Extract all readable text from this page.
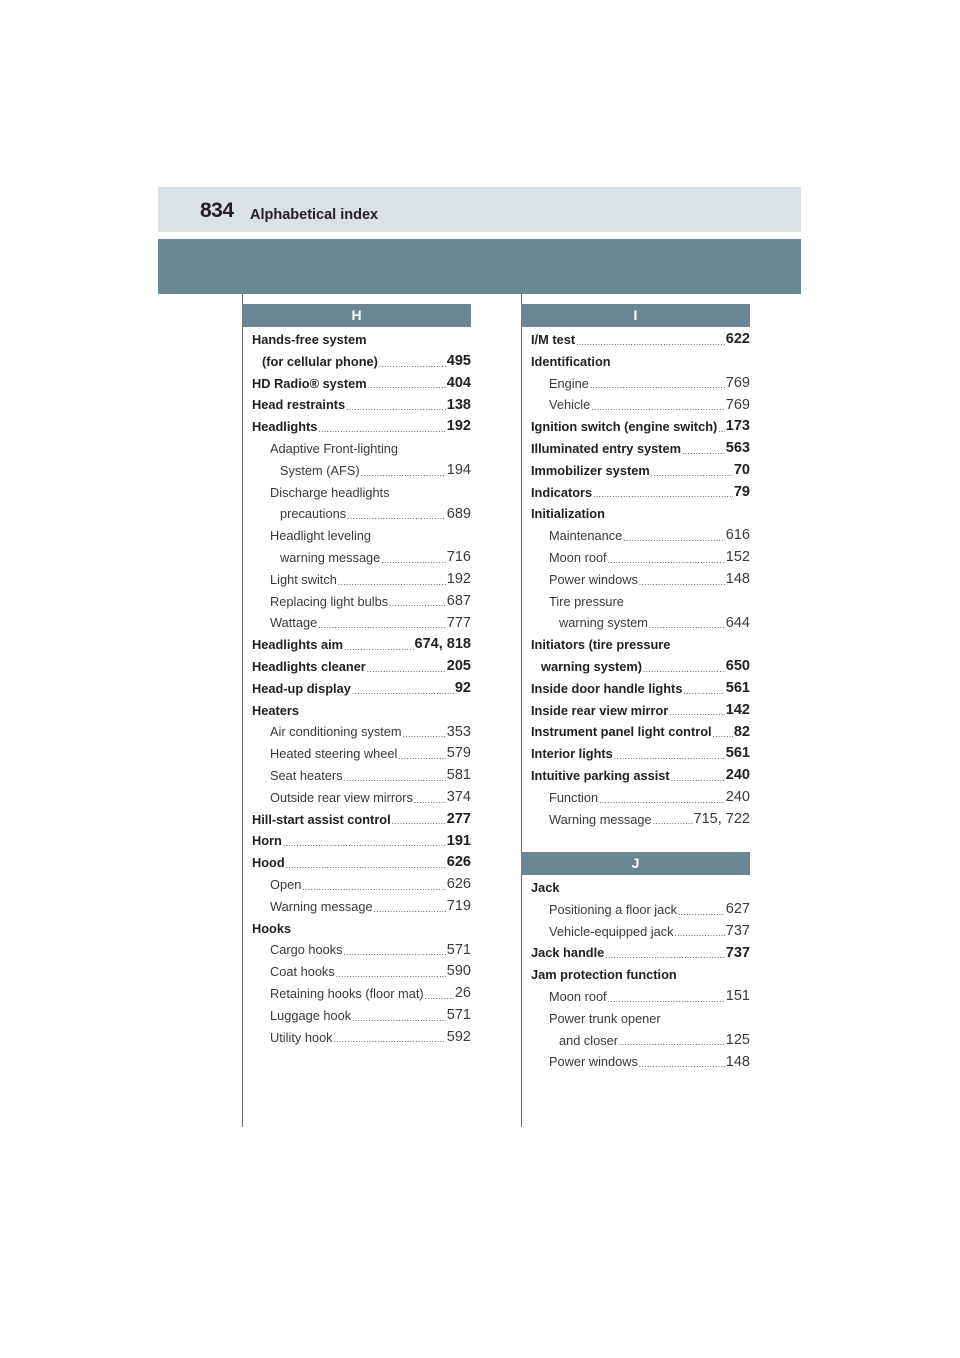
834 Alphabetical index
H
Hands-free system
(for cellular phone) .....	495
HD Radio® system .....	404
Head restraints .....	138
Headlights .....	192
Adaptive Front-lighting
System (AFS) .....	194
Discharge headlights
precautions .....	689
Headlight leveling
warning message .....	716
Light switch .....	192
Replacing light bulbs .....	687
Wattage .....	777
Headlights aim .....	674, 818
Headlights cleaner .....	205
Head-up display .....	92
Heaters
Air conditioning system .....	353
Heated steering wheel .....	579
Seat heaters .....	581
Outside rear view mirrors ..... 374
Hill-start assist control .....	277
Horn .....	191
Hood .....	626
Open .....	626
Warning message .....	719
Hooks
Cargo hooks .....	571
Coat hooks .....	590
Retaining hooks (floor mat) ..... 26
Luggage hook .....	571
Utility hook .....	592
I
I/M test .....	622
Identification
Engine .....	769
Vehicle .....	769
Ignition switch (engine switch) ..... 173
Illuminated entry system .....	563
Immobilizer system .....	70
Indicators .....	79
Initialization
Maintenance .....	616
Moon roof .....	152
Power windows .....	148
Tire pressure
warning system .....	644
Initiators (tire pressure
warning system) .....	650
Inside door handle lights .....	561
Inside rear view mirror .....	142
Instrument panel light control ..... 82
Interior lights .....	561
Intuitive parking assist .....	240
Function .....	240
Warning message .....	715, 722
J
Jack
Positioning a floor jack .....	627
Vehicle-equipped jack .....	737
Jack handle .....	737
Jam protection function
Moon roof .....	151
Power trunk opener
and closer .....	125
Power windows .....	148
